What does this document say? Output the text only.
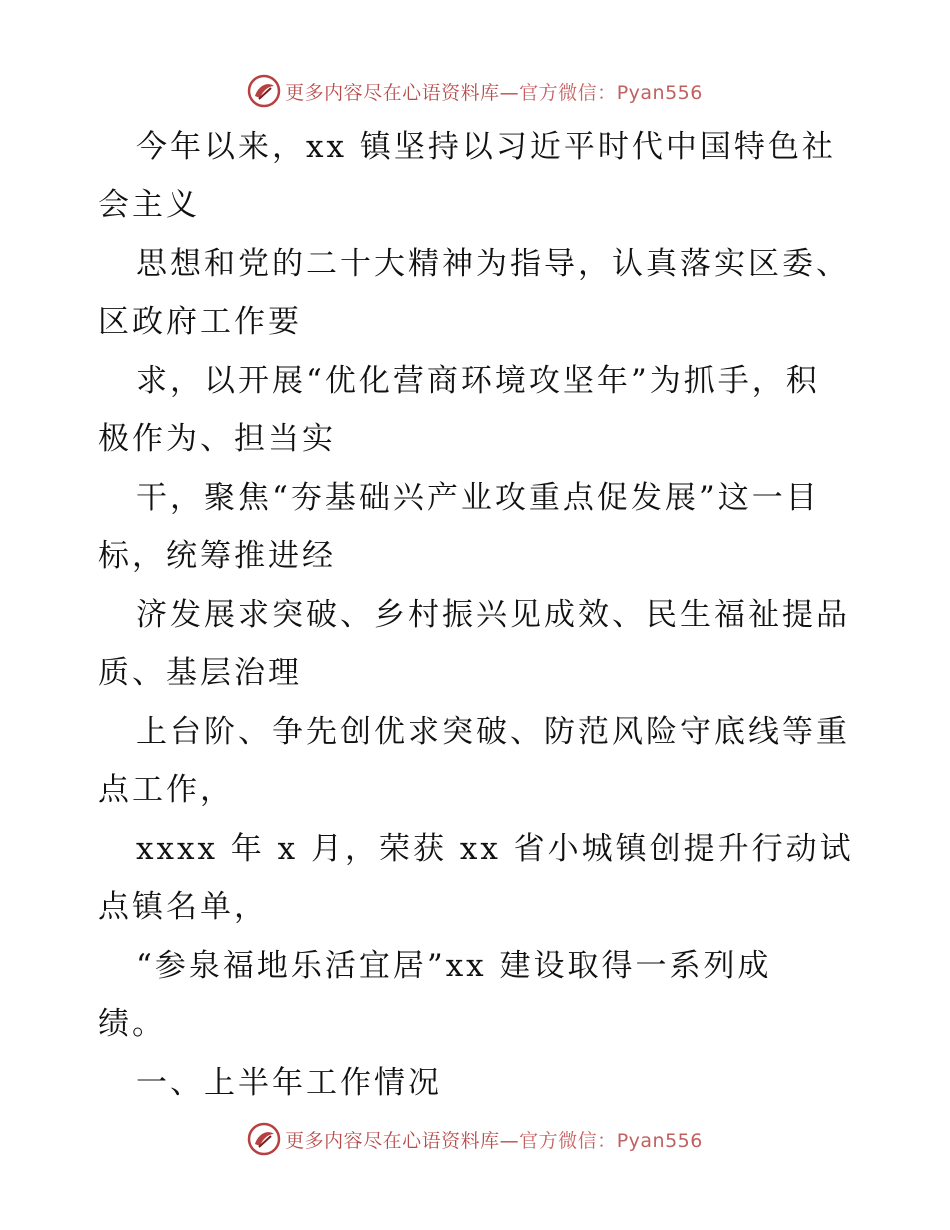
更多内容尽在心语资料库—官方微信：Pyan556
今年以来，xx 镇坚持以习近平时代中国特色社
会主义
思想和党的二十大精神为指导，认真落实区委、
区政府工作要
求，以开展“优化营商环境攻坚年”为抓手，积
极作为、担当实
干，聚焦“夯基础兴产业攻重点促发展”这一目
标，统筹推进经
济发展求突破、乡村振兴见成效、民生福祉提品
质、基层治理
上台阶、争先创优求突破、防范风险守底线等重
点工作，
xxxx 年 x 月，荣获 xx 省小城镇创提升行动试
点镇名单，
“参泉福地乐活宜居”xx 建设取得一系列成
绩。
一、上半年工作情况
更多内容尽在心语资料库—官方微信：Pyan556
